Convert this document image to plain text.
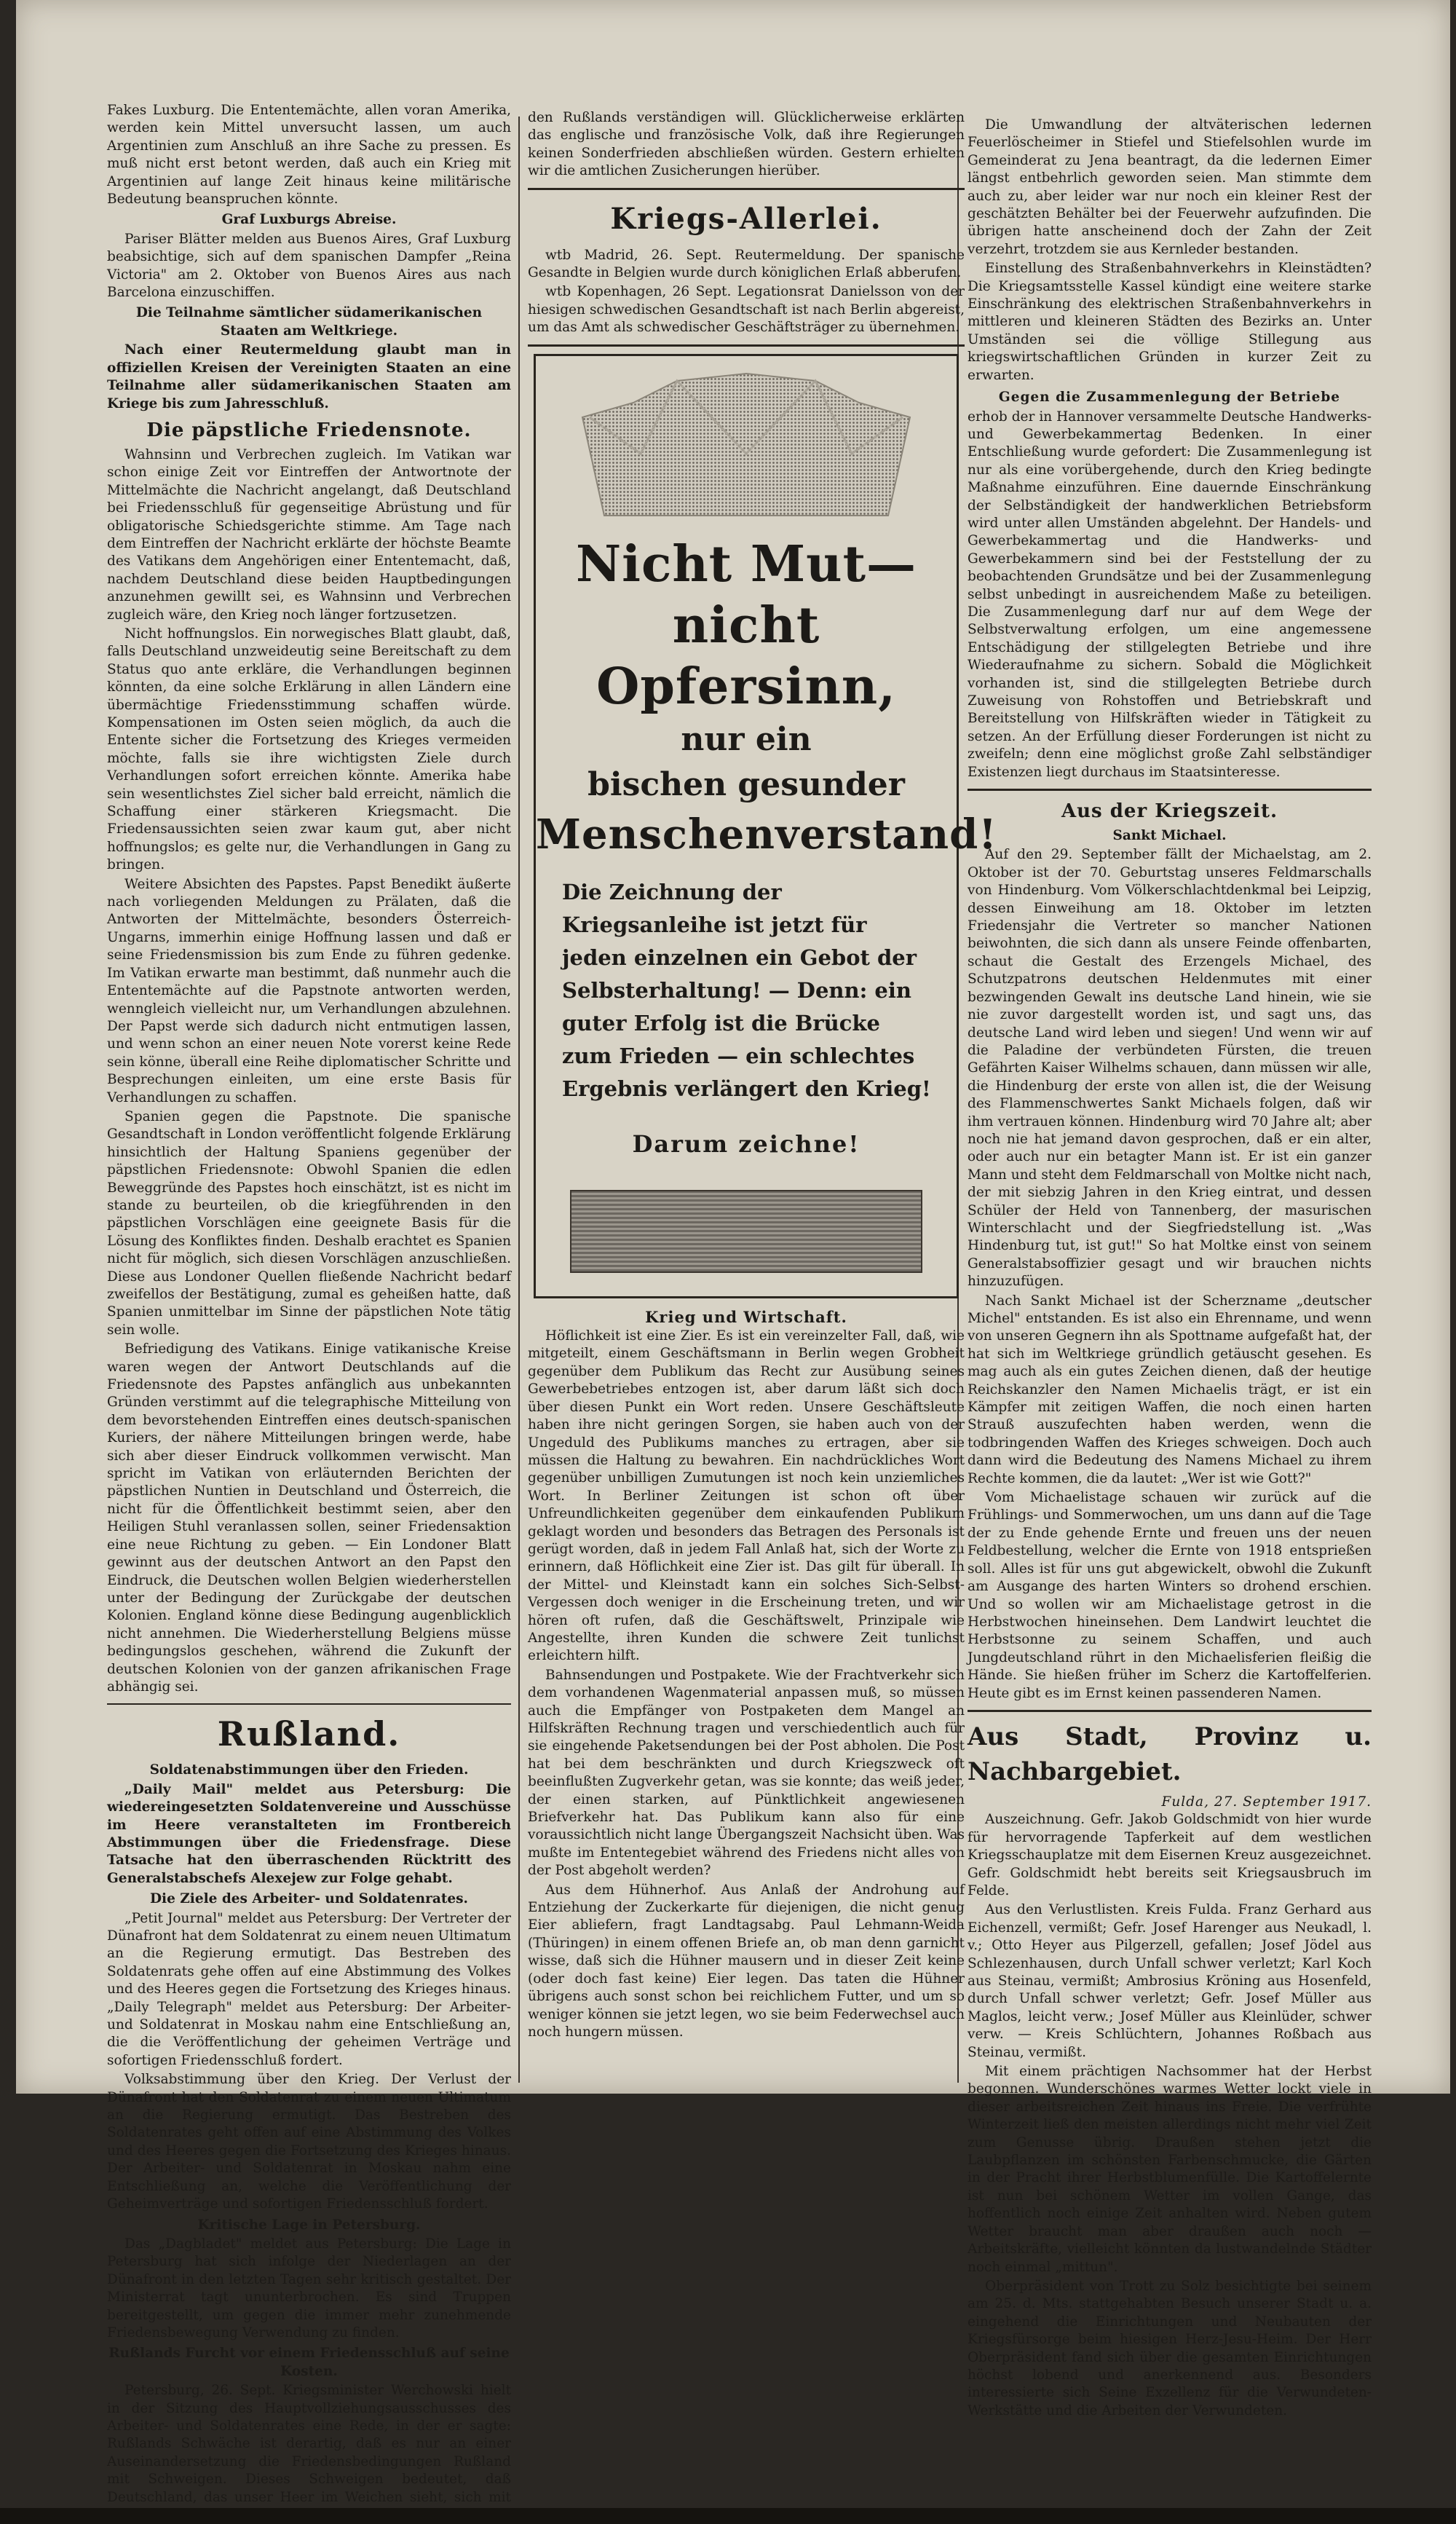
Fakes Luxburg. Die Ententemächte, allen voran Amerika, werden kein Mittel unversucht lassen, um auch Argentinien zum Anschluß an ihre Sache zu pressen. Es muß nicht erst betont werden, daß auch ein Krieg mit Argentinien auf lange Zeit hinaus keine militärische Bedeutung beanspruchen könnte.

Graf Luxburgs Abreise.

Pariser Blätter melden aus Buenos Aires, Graf Luxburg beabsichtige, sich auf dem spanischen Dampfer „Reina Victoria" am 2. Oktober von Buenos Aires aus nach Barcelona einzuschiffen.

Die Teilnahme sämtlicher südamerikanischen Staaten am Weltkriege.

Nach einer Reutermeldung glaubt man in offiziellen Kreisen der Vereinigten Staaten an eine Teilnahme aller südamerikanischen Staaten am Kriege bis zum Jahresschluß.

Die päpstliche Friedensnote.

Wahnsinn und Verbrechen zugleich. Im Vatikan war schon einige Zeit vor Eintreffen der Antwortnote der Mittelmächte die Nachricht angelangt, daß Deutschland bei Friedensschluß für gegenseitige Abrüstung und für obligatorische Schiedsgerichte stimme. Am Tage nach dem Eintreffen der Nachricht erklärte der höchste Beamte des Vatikans dem Angehörigen einer Ententemacht, daß, nachdem Deutschland diese beiden Hauptbedingungen anzunehmen gewillt sei, es Wahnsinn und Verbrechen zugleich wäre, den Krieg noch länger fortzusetzen.

Nicht hoffnungslos. Ein norwegisches Blatt glaubt, daß, falls Deutschland unzweideutig seine Bereitschaft zu dem Status quo ante erkläre, die Verhandlungen beginnen könnten, da eine solche Erklärung in allen Ländern eine übermächtige Friedensstimmung schaffen würde. Kompensationen im Osten seien möglich, da auch die Entente sicher die Fortsetzung des Krieges vermeiden möchte, falls sie ihre wichtigsten Ziele durch Verhandlungen sofort erreichen könnte. Amerika habe sein wesentlichstes Ziel sicher bald erreicht, nämlich die Schaffung einer stärkeren Kriegsmacht. Die Friedensaussichten seien zwar kaum gut, aber nicht hoffnungslos; es gelte nur, die Verhandlungen in Gang zu bringen.

Weitere Absichten des Papstes. Papst Benedikt äußerte nach vorliegenden Meldungen zu Prälaten, daß die Antworten der Mittelmächte, besonders Österreich-Ungarns, immerhin einige Hoffnung lassen und daß er seine Friedensmission bis zum Ende zu führen gedenke. Im Vatikan erwarte man bestimmt, daß nunmehr auch die Ententemächte auf die Papstnote antworten werden, wenngleich vielleicht nur, um Verhandlungen abzulehnen. Der Papst werde sich dadurch nicht entmutigen lassen, und wenn schon an einer neuen Note vorerst keine Rede sein könne, überall eine Reihe diplomatischer Schritte und Besprechungen einleiten, um eine erste Basis für Verhandlungen zu schaffen.

Spanien gegen die Papstnote. Die spanische Gesandtschaft in London veröffentlicht folgende Erklärung hinsichtlich der Haltung Spaniens gegenüber der päpstlichen Friedensnote: Obwohl Spanien die edlen Beweggründe des Papstes hoch einschätzt, ist es nicht im stande zu beurteilen, ob die kriegführenden in den päpstlichen Vorschlägen eine geeignete Basis für die Lösung des Konfliktes finden. Deshalb erachtet es Spanien nicht für möglich, sich diesen Vorschlägen anzuschließen. Diese aus Londoner Quellen fließende Nachricht bedarf zweifellos der Bestätigung, zumal es geheißen hatte, daß Spanien unmittelbar im Sinne der päpstlichen Note tätig sein wolle.

Befriedigung des Vatikans. Einige vatikanische Kreise waren wegen der Antwort Deutschlands auf die Friedensnote des Papstes anfänglich aus unbekannten Gründen verstimmt auf die telegraphische Mitteilung von dem bevorstehenden Eintreffen eines deutsch-spanischen Kuriers, der nähere Mitteilungen bringen werde, habe sich aber dieser Eindruck vollkommen verwischt. Man spricht im Vatikan von erläuternden Berichten der päpstlichen Nuntien in Deutschland und Österreich, die nicht für die Öffentlichkeit bestimmt seien, aber den Heiligen Stuhl veranlassen sollen, seiner Friedensaktion eine neue Richtung zu geben. — Ein Londoner Blatt gewinnt aus der deutschen Antwort an den Papst den Eindruck, die Deutschen wollen Belgien wiederherstellen unter der Bedingung der Zurückgabe der deutschen Kolonien. England könne diese Bedingung augenblicklich nicht annehmen. Die Wiederherstellung Belgiens müsse bedingungslos geschehen, während die Zukunft der deutschen Kolonien von der ganzen afrikanischen Frage abhängig sei.

Rußland.
Soldatenabstimmungen über den Frieden.

„Daily Mail" meldet aus Petersburg: Die wiedereingesetzten Soldatenvereine und Ausschüsse im Heere veranstalteten im Frontbereich Abstimmungen über die Friedensfrage. Diese Tatsache hat den überraschenden Rücktritt des Generalstabschefs Alexejew zur Folge gehabt.

Die Ziele des Arbeiter- und Soldatenrates.

„Petit Journal" meldet aus Petersburg: Der Vertreter der Dünafront hat dem Soldatenrat zu einem neuen Ultimatum an die Regierung ermutigt. Das Bestreben des Soldatenrats gehe offen auf eine Abstimmung des Volkes und des Heeres gegen die Fortsetzung des Krieges hinaus. „Daily Telegraph" meldet aus Petersburg: Der Arbeiter- und Soldatenrat in Moskau nahm eine Entschließung an, die die Veröffentlichung der geheimen Verträge und sofortigen Friedensschluß fordert.

Volksabstimmung über den Krieg. Der Verlust der Dünafront hat den Soldatenrat zu einem neuen Ultimatum an die Regierung ermutigt. Das Bestreben des Soldatenrates geht offen auf eine Abstimmung des Volkes und des Heeres gegen die Fortsetzung des Krieges hinaus. Der Arbeiter- und Soldatenrat in Moskau nahm eine Entschließung an, welche die Veröffentlichung der Geheimverträge und sofortigen Friedensschluß fordert.

Kritische Lage in Petersburg.

Das „Dagbladet" meldet aus Petersburg: Die Lage in Petersburg hat sich infolge der Niederlagen an der Dünafront in den letzten Tagen sehr kritisch gestaltet. Der Ministerrat tagt ununterbrochen. Es sind Truppen bereitgestellt, um gegen die immer mehr zunehmende Friedensbewegung Verwendung zu finden.

Rußlands Furcht vor einem Friedensschluß auf seine Kosten.

Petersburg, 26. Sept. Kriegsminister Werchowski hielt in der Sitzung des Hauptvollziehungsausschusses des Arbeiter- und Soldatenrates eine Rede, in der er sagte: Rußlands Schwäche ist derartig, daß es nur an einer Auseinandersetzung die Friedensbedingungen Rußland mit Schweigen. Dieses Schweigen bedeutet, daß Deutschland, das unser Heer im Weichen sieht, sich mit

den Rußlands verständigen will. Glücklicherweise erklärten das englische und französische Volk, daß ihre Regierungen keinen Sonderfrieden abschließen würden. Gestern erhielten wir die amtlichen Zusicherungen hierüber.

Kriegs-Allerlei.

wtb Madrid, 26. Sept. Reutermeldung. Der spanische Gesandte in Belgien wurde durch königlichen Erlaß abberufen.

wtb Kopenhagen, 26 Sept. Legationsrat Danielsson von der hiesigen schwedischen Gesandtschaft ist nach Berlin abgereist, um das Amt als schwedischer Geschäftsträger zu übernehmen.

Nicht Mut—
nicht Opfersinn,
nur ein
bischen gesunder
Menschenverstand!
Die Zeichnung der Kriegsanleihe ist jetzt für jeden einzelnen ein Gebot der Selbsterhaltung! — Denn: ein guter Erfolg ist die Brücke zum Frieden — ein schlechtes Ergebnis verlängert den Krieg!
Darum zeichne!
Krieg und Wirtschaft.

Höflichkeit ist eine Zier. Es ist ein vereinzelter Fall, daß, wie mitgeteilt, einem Geschäftsmann in Berlin wegen Grobheit gegenüber dem Publikum das Recht zur Ausübung seines Gewerbebetriebes entzogen ist, aber darum läßt sich doch über diesen Punkt ein Wort reden. Unsere Geschäftsleute haben ihre nicht geringen Sorgen, sie haben auch von der Ungeduld des Publikums manches zu ertragen, aber sie müssen die Haltung zu bewahren. Ein nachdrückliches Wort gegenüber unbilligen Zumutungen ist noch kein unziemliches Wort. In Berliner Zeitungen ist schon oft über Unfreundlichkeiten gegenüber dem einkaufenden Publikum geklagt worden und besonders das Betragen des Personals ist gerügt worden, daß in jedem Fall Anlaß hat, sich der Worte zu erinnern, daß Höflichkeit eine Zier ist. Das gilt für überall. In der Mittel- und Kleinstadt kann ein solches Sich-Selbst-Vergessen doch weniger in die Erscheinung treten, und wir hören oft rufen, daß die Geschäftswelt, Prinzipale wie Angestellte, ihren Kunden die schwere Zeit tunlichst erleichtern hilft.

Bahnsendungen und Postpakete. Wie der Frachtverkehr sich dem vorhandenen Wagenmaterial anpassen muß, so müssen auch die Empfänger von Postpaketen dem Mangel an Hilfskräften Rechnung tragen und verschiedentlich auch für sie eingehende Paketsendungen bei der Post abholen. Die Post hat bei dem beschränkten und durch Kriegszweck oft beeinflußten Zugverkehr getan, was sie konnte; das weiß jeder, der einen starken, auf Pünktlichkeit angewiesenen Briefverkehr hat. Das Publikum kann also für eine voraussichtlich nicht lange Übergangszeit Nachsicht üben. Was mußte im Ententegebiet während des Friedens nicht alles von der Post abgeholt werden?

Aus dem Hühnerhof. Aus Anlaß der Androhung auf Entziehung der Zuckerkarte für diejenigen, die nicht genug Eier abliefern, fragt Landtagsabg. Paul Lehmann-Weida (Thüringen) in einem offenen Briefe an, ob man denn garnicht wisse, daß sich die Hühner mausern und in dieser Zeit keine (oder doch fast keine) Eier legen. Das taten die Hühner übrigens auch sonst schon bei reichlichem Futter, und um so weniger können sie jetzt legen, wo sie beim Federwechsel auch noch hungern müssen.

Die Umwandlung der altväterischen ledernen Feuerlöscheimer in Stiefel und Stiefelsohlen wurde im Gemeinderat zu Jena beantragt, da die ledernen Eimer längst entbehrlich geworden seien. Man stimmte dem auch zu, aber leider war nur noch ein kleiner Rest der geschätzten Behälter bei der Feuerwehr aufzufinden. Die übrigen hatte anscheinend doch der Zahn der Zeit verzehrt, trotzdem sie aus Kernleder bestanden.

Einstellung des Straßenbahnverkehrs in Kleinstädten? Die Kriegsamtsstelle Kassel kündigt eine weitere starke Einschränkung des elektrischen Straßenbahnverkehrs in mittleren und kleineren Städten des Bezirks an. Unter Umständen sei die völlige Stillegung aus kriegswirtschaftlichen Gründen in kurzer Zeit zu erwarten.

Gegen die Zusammenlegung der Betriebe

erhob der in Hannover versammelte Deutsche Handwerks- und Gewerbekammertag Bedenken. In einer Entschließung wurde gefordert: Die Zusammenlegung ist nur als eine vorübergehende, durch den Krieg bedingte Maßnahme einzuführen. Eine dauernde Einschränkung der Selbständigkeit der handwerklichen Betriebsform wird unter allen Umständen abgelehnt. Der Handels- und Gewerbekammertag und die Handwerks- und Gewerbekammern sind bei der Feststellung der zu beobachtenden Grundsätze und bei der Zusammenlegung selbst unbedingt in ausreichendem Maße zu beteiligen. Die Zusammenlegung darf nur auf dem Wege der Selbstverwaltung erfolgen, um eine angemessene Entschädigung der stillgelegten Betriebe und ihre Wiederaufnahme zu sichern. Sobald die Möglichkeit vorhanden ist, sind die stillgelegten Betriebe durch Zuweisung von Rohstoffen und Betriebskraft und Bereitstellung von Hilfskräften wieder in Tätigkeit zu setzen. An der Erfüllung dieser Forderungen ist nicht zu zweifeln; denn eine möglichst große Zahl selbständiger Existenzen liegt durchaus im Staatsinteresse.

Aus der Kriegszeit.
Sankt Michael.

Auf den 29. September fällt der Michaelstag, am 2. Oktober ist der 70. Geburtstag unseres Feldmarschalls von Hindenburg. Vom Völkerschlachtdenkmal bei Leipzig, dessen Einweihung am 18. Oktober im letzten Friedensjahr die Vertreter so mancher Nationen beiwohnten, die sich dann als unsere Feinde offenbarten, schaut die Gestalt des Erzengels Michael, des Schutzpatrons deutschen Heldenmutes mit einer bezwingenden Gewalt ins deutsche Land hinein, wie sie nie zuvor dargestellt worden ist, und sagt uns, das deutsche Land wird leben und siegen! Und wenn wir auf die Paladine der verbündeten Fürsten, die treuen Gefährten Kaiser Wilhelms schauen, dann müssen wir alle, die Hindenburg der erste von allen ist, die der Weisung des Flammenschwertes Sankt Michaels folgen, daß wir ihm vertrauen können. Hindenburg wird 70 Jahre alt; aber noch nie hat jemand davon gesprochen, daß er ein alter, oder auch nur ein betagter Mann ist. Er ist ein ganzer Mann und steht dem Feldmarschall von Moltke nicht nach, der mit siebzig Jahren in den Krieg eintrat, und dessen Schüler der Held von Tannenberg, der masurischen Winterschlacht und der Siegfriedstellung ist. „Was Hindenburg tut, ist gut!" So hat Moltke einst von seinem Generalstabsoffizier gesagt und wir brauchen nichts hinzuzufügen.

Nach Sankt Michael ist der Scherzname „deutscher Michel" entstanden. Es ist also ein Ehrenname, und wenn von unseren Gegnern ihn als Spottname aufgefaßt hat, der hat sich im Weltkriege gründlich getäuscht gesehen. Es mag auch als ein gutes Zeichen dienen, daß der heutige Reichskanzler den Namen Michaelis trägt, er ist ein Kämpfer mit zeitigen Waffen, die noch einen harten Strauß auszufechten haben werden, wenn die todbringenden Waffen des Krieges schweigen. Doch auch dann wird die Bedeutung des Namens Michael zu ihrem Rechte kommen, die da lautet: „Wer ist wie Gott?"

Vom Michaelistage schauen wir zurück auf die Frühlings- und Sommerwochen, um uns dann auf die Tage der zu Ende gehende Ernte und freuen uns der neuen Feldbestellung, welcher die Ernte von 1918 entsprießen soll. Alles ist für uns gut abgewickelt, obwohl die Zukunft am Ausgange des harten Winters so drohend erschien. Und so wollen wir am Michaelistage getrost in die Herbstwochen hineinsehen. Dem Landwirt leuchtet die Herbstsonne zu seinem Schaffen, und auch Jungdeutschland rührt in den Michaelisferien fleißig die Hände. Sie hießen früher im Scherz die Kartoffelferien. Heute gibt es im Ernst keinen passenderen Namen.

Aus Stadt, Provinz u. Nachbargebiet.
Fulda, 27. September 1917.

Auszeichnung. Gefr. Jakob Goldschmidt von hier wurde für hervorragende Tapferkeit auf dem westlichen Kriegsschauplatze mit dem Eisernen Kreuz ausgezeichnet. Gefr. Goldschmidt hebt bereits seit Kriegsausbruch im Felde.

Aus den Verlustlisten. Kreis Fulda. Franz Gerhard aus Eichenzell, vermißt; Gefr. Josef Harenger aus Neukadl, l. v.; Otto Heyer aus Pilgerzell, gefallen; Josef Jödel aus Schlezenhausen, durch Unfall schwer verletzt; Karl Koch aus Steinau, vermißt; Ambrosius Kröning aus Hosenfeld, durch Unfall schwer verletzt; Gefr. Josef Müller aus Maglos, leicht verw.; Josef Müller aus Kleinlüder, schwer verw. — Kreis Schlüchtern, Johannes Roßbach aus Steinau, vermißt.

Mit einem prächtigen Nachsommer hat der Herbst begonnen. Wunderschönes warmes Wetter lockt viele in dieser arbeitsreichen Zeit hinaus ins Freie. Die verfrühte Winterzeit ließ den meisten allerdings nicht mehr viel Zeit zum Genusse übrig. Draußen stehen jetzt die Laubpflanzen im schönsten Farbenschmucke, die Gärten in der Pracht ihrer Herbstblumenfülle. Die Kartoffelernte ist nun bei schönem Wetter im vollen Gange, das hoffentlich noch einige Zeit anhalten wird. Neben gutem Wetter braucht man aber draußen auch noch — Arbeitskräfte, vielleicht könnten da lustwandelnde Städter noch einmal „mittun".

Oberpräsident von Trott zu Solz besichtigte bei seinem am 25. d. Mts. stattgehabten Besuch unserer Stadt u. a. eingehend die Einrichtungen und Neubauten der Kriegsfürsorge beim hiesigen Herz-Jesu-Heim. Der Herr Oberpräsident fand sich über die gesamten Einrichtungen höchst lobend und anerkennend aus. Besonders interessierte sich Seine Exzellenz für die Verwundeten-Werkstätte und die Arbeiten der Verwundeten.
